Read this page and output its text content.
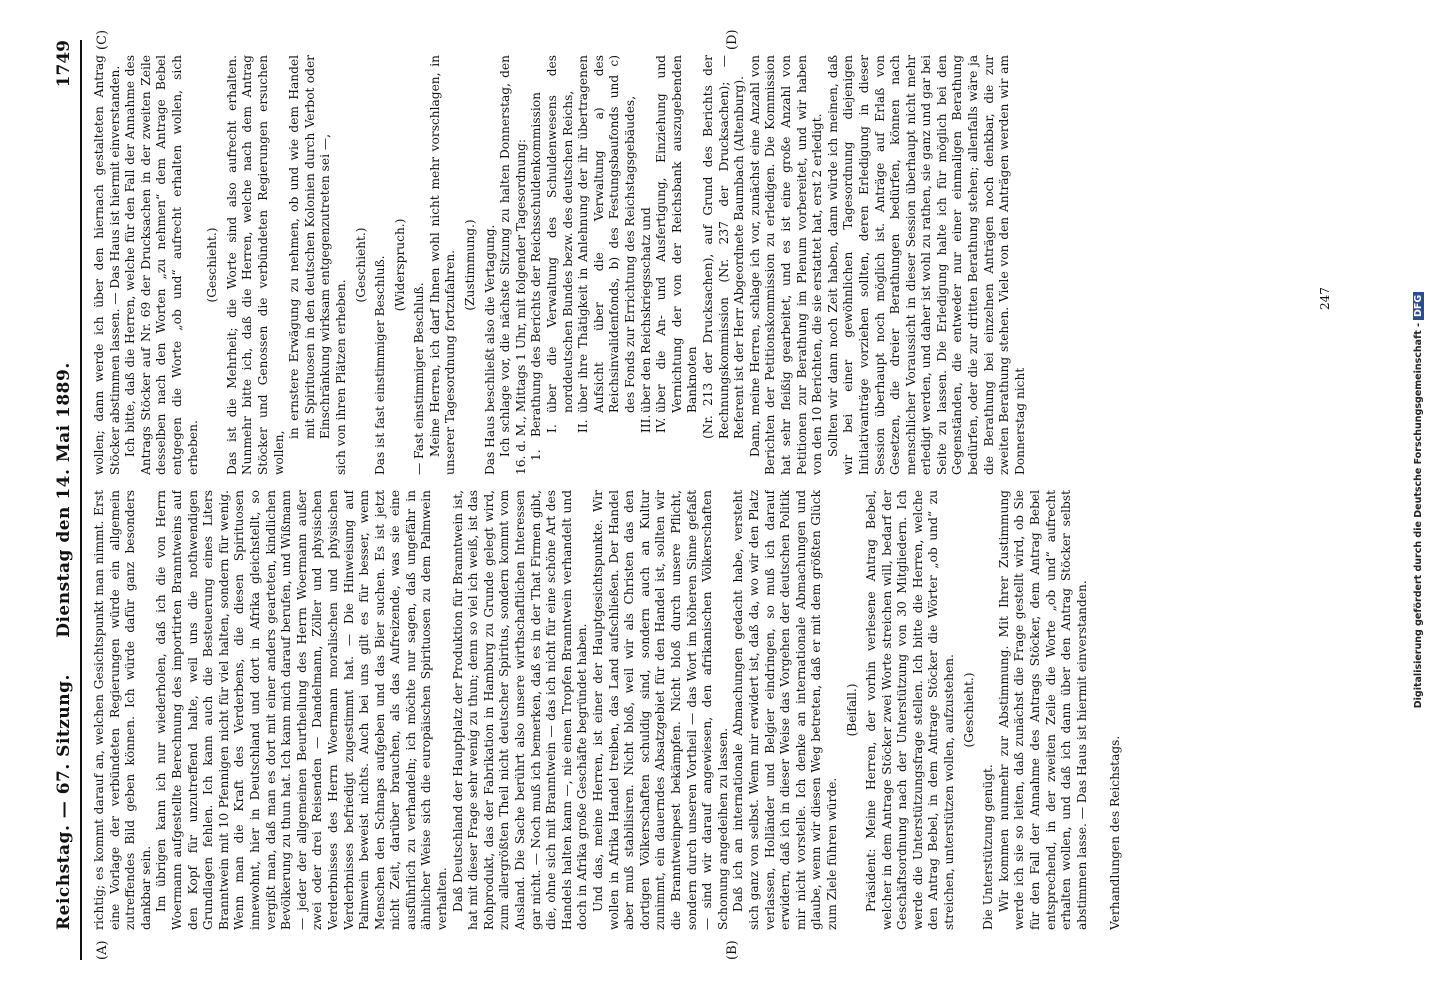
Reichstag. — 67. Sitzung.
Dienstag den 14. Mai 1889.
1749
(A)	(B)
(C)	(D)

richtig; es kommt darauf an, welchen Gesichtspunkt man nimmt. Erst eine Vorlage der verbündeten Regierungen würde ein allgemein zutreffendes Bild geben können. Ich würde dafür ganz besonders dankbar sein. Im übrigen kann ich nur wiederholen, daß ich die von Herrn Woermann aufgestellte Berechnung des importirten Branntweins auf den Kopf für unzutreffend halte, weil uns die nothwendigen Grundlagen fehlen. Ich kann auch die Besteuerung eines Liters Branntwein mit 10 Pfennigen nicht für viel halten, sondern für wenig. Wenn man die Kraft des Verderbens, die diesen Spirituosen innewohnt, hier in Deutschland und dort in Afrika gleichstellt, so vergißt man, daß man es dort mit einer anders gearteten, kindlichen Bevölkerung zu thun hat. Ich kann mich darauf berufen, und Wißmann — jeder der allgemeinen Beurtheilung des Herrn Woermann außer zwei oder drei Reisenden — Dandelmann, Zöller und physischen Verderbnisses des Herrn Woermann moralischen und physischen Verderbnisses befriedigt zugestimmt hat. — Die Hinweisung auf Palmwein beweist nichts. Auch bei uns gilt es für besser, wenn Menschen den Schnaps aufgeben und das Bier suchen. Es ist jetzt nicht Zeit, darüber brauchen, als das Aufreizende, was sie eine ausführlich zu verhandeln; ich möchte nur sagen, daß ungefähr in ähnlicher Weise sich die europäischen Spirituosen zu dem Palmwein verhalten. Daß Deutschland der Hauptplatz der Produktion für Branntwein ist, hat mit dieser Frage sehr wenig zu thun; denn so viel ich weiß, ist das Rohprodukt, das der Fabrikation in Hamburg zu Grunde gelegt wird, zum allergrößten Theil nicht deutscher Spiritus, sondern kommt vom Ausland. Die Sache berührt also unsere wirthschaftlichen Interessen gar nicht. — Noch muß ich bemerken, daß es in der That Firmen gibt, die, ohne sich mit Branntwein — das ich nicht für eine schöne Art des Handels halten kann —, nie einen Tropfen Branntwein verhandelt und doch in Afrika große Geschäfte begründet haben. Und das, meine Herren, ist einer der Hauptgesichtspunkte. Wir wollen in Afrika Handel treiben, das Land aufschließen. Der Handel aber muß stabilisiren. Nicht bloß, weil wir als Christen das den dortigen Völkerschaften schuldig sind, sondern auch an Kultur zunimmt, ein dauerndes Absatzgebiet für den Handel ist, sollten wir die Branntweinpest bekämpfen. Nicht bloß durch unsere Pflicht, sondern durch unseren Vortheil — das Wort im höheren Sinne gefaßt — sind wir darauf angewiesen, den afrikanischen Völkerschaften Schonung angedeihen zu lassen. Daß ich an internationale Abmachungen gedacht habe, versteht sich ganz von selbst. Wenn mir erwidert ist, daß da, wo wir den Platz verlassen, Holländer und Belgier eindringen, so muß ich darauf erwidern, daß ich in dieser Weise das Vorgehen der deutschen Politik mir nicht vorstelle. Ich denke an internationale Abmachungen und glaube, wenn wir diesen Weg betreten, daß er mit dem größten Glück zum Ziele führen würde.

(Beifall.) Präsident: Meine Herren, der vorhin verlesene Antrag Bebel, welcher in dem Antrage Stöcker zwei Worte streichen will, bedarf der Geschäftsordnung nach der Unterstützung von 30 Mitgliedern. Ich werde die Unterstützungsfrage stellen. Ich bitte die Herren, welche den Antrag Bebel, in dem Antrage Stöcker die Wörter „ob und“ zu streichen, unterstützen wollen, aufzustehen. (Geschieht.)

Die Unterstützung genügt. Wir kommen nunmehr zur Abstimmung. Mit Ihrer Zustimmung werde ich sie so leiten, daß zunächst die Frage gestellt wird, ob Sie für den Fall der Annahme des Antrags Stöcker, dem Antrag Bebel entsprechend, in der zweiten Zeile die Worte „ob und“ aufrecht erhalten wollen, und daß ich dann über den Antrag Stöcker selbst abstimmen lasse. — Das Haus ist hiermit einverstanden. Verhandlungen des Reichstags.

wollen; dann werde ich über den hiernach gestalteten Antrag Stöcker abstimmen lassen. — Das Haus ist hiermit einverstanden. Ich bitte, daß die Herren, welche für den Fall der Annahme des Antrags Stöcker auf Nr. 69 der Drucksachen in der zweiten Zeile desselben nach den Worten „zu nehmen“ dem Antrage Bebel entgegen die Worte „ob und“ aufrecht erhalten wollen, sich erheben.

(Geschieht.) Das ist die Mehrheit; die Worte sind also aufrecht erhalten. Nunmehr bitte ich, daß die Herren, welche nach dem Antrag Stöcker und Genossen die verbündeten Regierungen ersuchen wollen,

in ernstere Erwägung zu nehmen, ob und wie dem Handel mit Spirituosen in den deutschen Kolonien durch Verbot oder Einschränkung wirksam entgegenzutreten sei —, sich von ihren Plätzen erheben.

(Geschieht.) Das ist fast einstimmiger Beschluß. (Widerspruch.)

— Fast einstimmiger Beschluß. Meine Herren, ich darf Ihnen wohl nicht mehr vorschlagen, in unserer Tagesordnung fortzufahren. (Zustimmung.) Das Haus beschließt also die Vertagung. Ich schlage vor, die nächste Sitzung zu halten Donnerstag, den 16. d. M., Mittags 1 Uhr, mit folgender Tagesordnung: 1.
Berathung des Berichts der Reichsschuldenkommission I.
über die Verwaltung des Schuldenwesens des norddeutschen Bundes bezw. des deutschen Reichs,
II.
über ihre Thätigkeit in Anlehnung der ihr übertragenen Aufsicht über die Verwaltung a) des Reichsinvalidenfonds, b) des Festungsbaufonds und c) des Fonds zur Errichtung des Reichstagsgebäudes,
III.
über den Reichskriegsschatz und
IV.
über die An- und Ausfertigung, Einziehung und Vernichtung der von der Reichsbank auszugebenden Banknoten (Nr. 213 der Drucksachen), auf Grund des Berichts der Rechnungskommission (Nr. 237 der Drucksachen); — Referent ist der Herr Abgeordnete Baumbach (Altenburg). Dann, meine Herren, schlage ich vor, zunächst eine Anzahl von Berichten der Petitionskommission zu erledigen. Die Kommission hat sehr fleißig gearbeitet, und es ist eine große Anzahl von Petitionen zur Berathung im Plenum vorbereitet, und wir haben von den 10 Berichten, die sie erstattet hat, erst 2 erledigt. Sollten wir dann noch Zeit haben, dann würde ich meinen, daß wir bei einer gewöhnlichen Tagesordnung diejenigen Initiativanträge vorziehen sollten, deren Erledigung in dieser Session überhaupt noch möglich ist. Anträge auf Erlaß von Gesetzen, die dreier Berathungen bedürfen, können nach menschlicher Voraussicht in dieser Session überhaupt nicht mehr erledigt werden, und daher ist wohl zu rathen, sie ganz und gar bei Seite zu lassen. Die Erledigung halte ich für möglich bei den Gegenständen, die entweder nur einer einmaligen Berathung bedürfen, oder die zur dritten Berathung stehen; allenfalls wäre ja die Berathung bei einzelnen Anträgen noch denkbar, die zur zweiten Berathung stehen. Viele von den Anträgen werden wir am Donnerstag nicht

247
Digitalisierung gefördert durch die Deutsche Forschungsgemeinschaft -DFG
